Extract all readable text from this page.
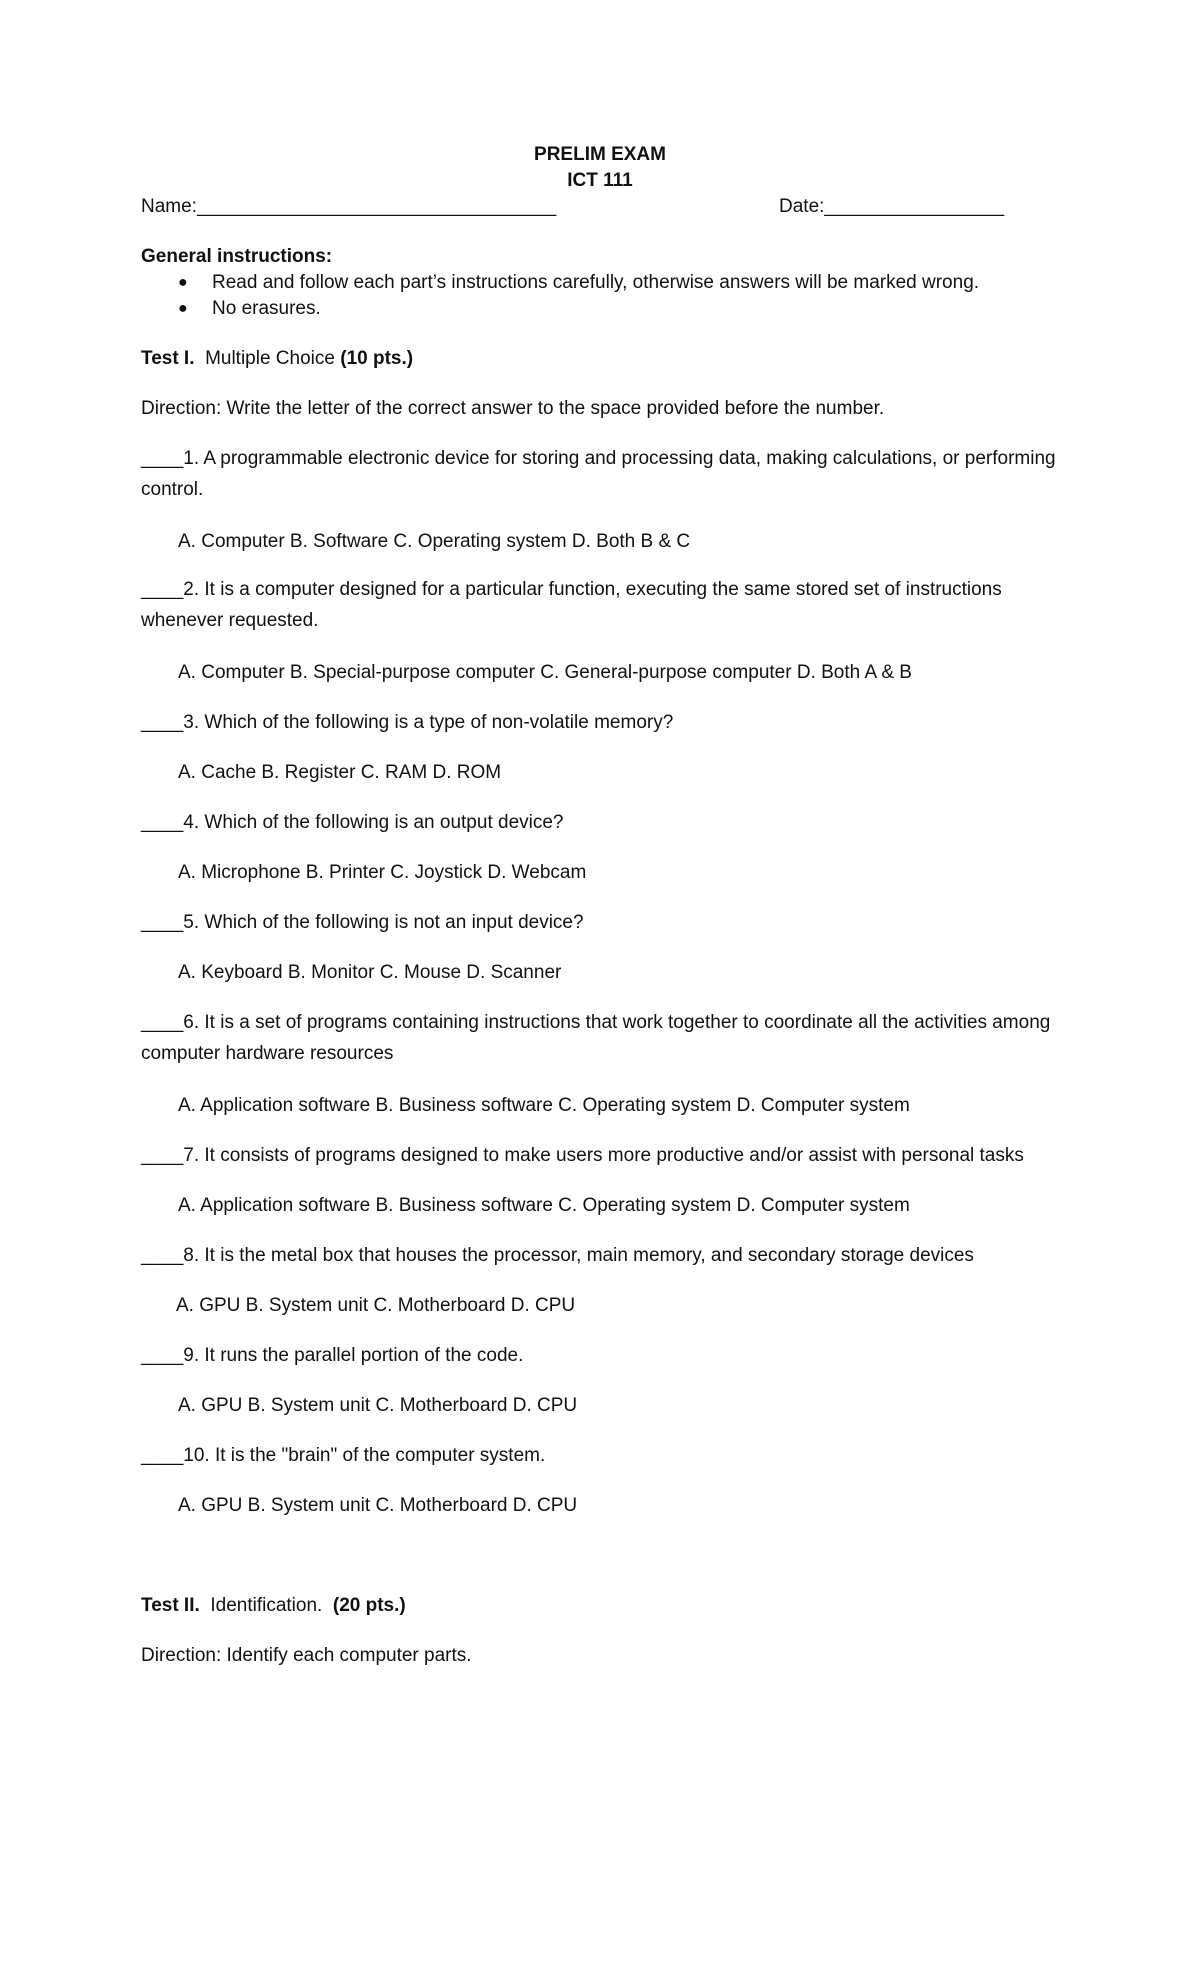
PRELIM EXAM
ICT 111
Name:__________________________________	Date:_________________
General instructions:
● Read and follow each part’s instructions carefully, otherwise answers will be marked wrong.
● No erasures.
Test I. Multiple Choice (10 pts.)
Direction: Write the letter of the correct answer to the space provided before the number.
____1. A programmable electronic device for storing and processing data, making calculations, or performing control.
A. Computer B. Software C. Operating system D. Both B & C
____2. It is a computer designed for a particular function, executing the same stored set of instructions whenever requested.
A. Computer B. Special-purpose computer C. General-purpose computer D. Both A & B
____3. Which of the following is a type of non-volatile memory?
A. Cache B. Register C. RAM D. ROM
____4. Which of the following is an output device?
A. Microphone B. Printer C. Joystick D. Webcam
____5. Which of the following is not an input device?
A. Keyboard B. Monitor C. Mouse D. Scanner
____6. It is a set of programs containing instructions that work together to coordinate all the activities among computer hardware resources
A. Application software B. Business software C. Operating system D. Computer system
____7. It consists of programs designed to make users more productive and/or assist with personal tasks
A. Application software B. Business software C. Operating system D. Computer system
____8. It is the metal box that houses the processor, main memory, and secondary storage devices
A. GPU B. System unit C. Motherboard D. CPU
____9. It runs the parallel portion of the code.
A. GPU B. System unit C. Motherboard D. CPU
____10. It is the "brain" of the computer system.
A. GPU B. System unit C. Motherboard D. CPU
Test II. Identification. (20 pts.)
Direction: Identify each computer parts.
